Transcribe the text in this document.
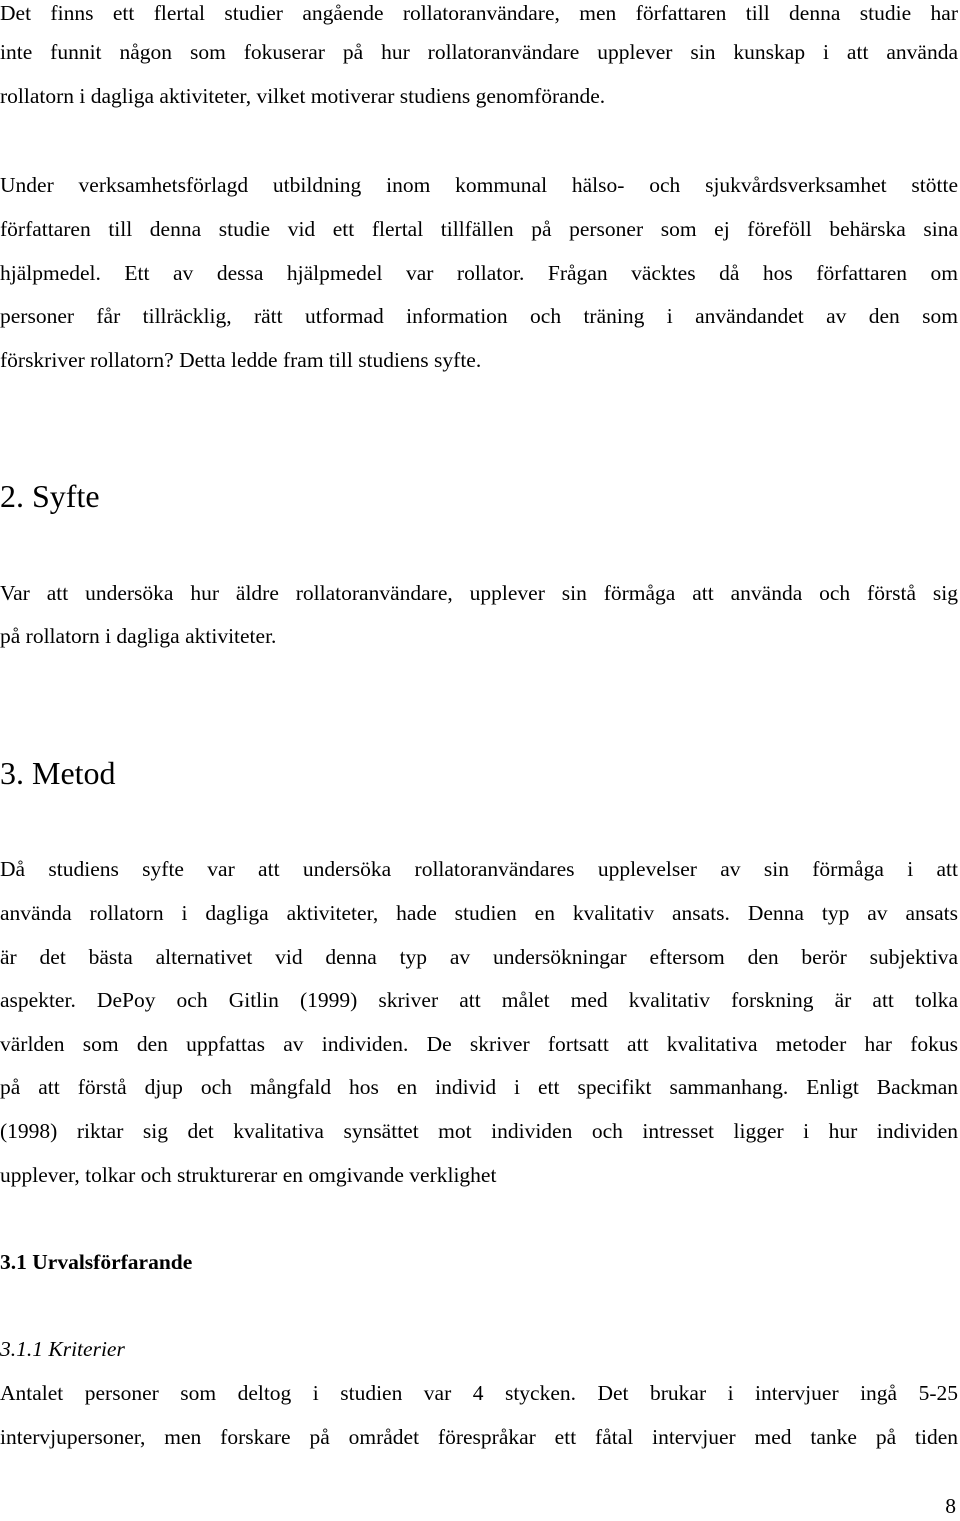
Det finns ett flertal studier angående rollatoranvändare, men författaren till denna studie har
inte funnit någon som fokuserar på hur rollatoranvändare upplever sin kunskap i att använda
rollatorn i dagliga aktiviteter, vilket motiverar studiens genomförande.
Under verksamhetsförlagd utbildning inom kommunal hälso- och sjukvårdsverksamhet stötte
författaren till denna studie vid ett flertal tillfällen på personer som ej föreföll behärska sina
hjälpmedel. Ett av dessa hjälpmedel var rollator. Frågan väcktes då hos författaren om
personer får tillräcklig, rätt utformad information och träning i användandet av den som
förskriver rollatorn? Detta ledde fram till studiens syfte.
2. Syfte
Var att undersöka hur äldre rollatoranvändare, upplever sin förmåga att använda och förstå sig
på rollatorn i dagliga aktiviteter.
3. Metod
Då studiens syfte var att undersöka rollatoranvändares upplevelser av sin förmåga i att
använda rollatorn i dagliga aktiviteter, hade studien en kvalitativ ansats. Denna typ av ansats
är det bästa alternativet vid denna typ av undersökningar eftersom den berör subjektiva
aspekter. DePoy och Gitlin (1999) skriver att målet med kvalitativ forskning är att tolka
världen som den uppfattas av individen. De skriver fortsatt att kvalitativa metoder har fokus
på att förstå djup och mångfald hos en individ i ett specifikt sammanhang. Enligt Backman
(1998) riktar sig det kvalitativa synsättet mot individen och intresset ligger i hur individen
upplever, tolkar och strukturerar en omgivande verklighet
3.1 Urvalsförfarande
3.1.1 Kriterier
Antalet personer som deltog i studien var 4 stycken. Det brukar i intervjuer ingå 5-25
intervjupersoner, men forskare på området förespråkar ett fåtal intervjuer med tanke på tiden
8
